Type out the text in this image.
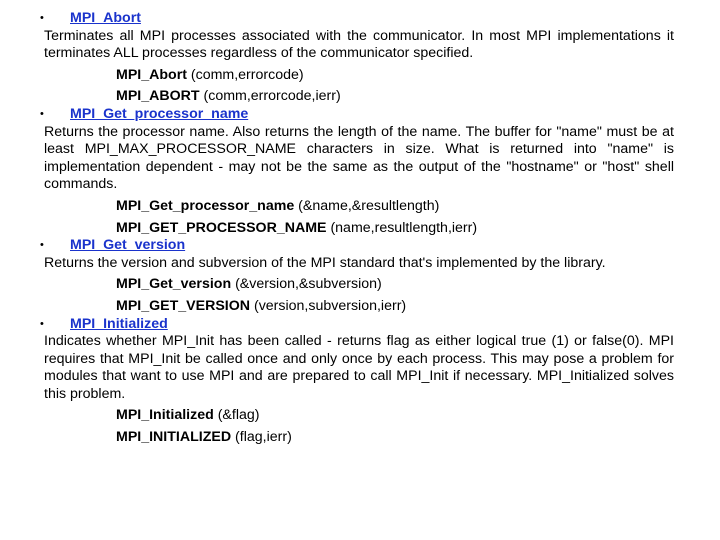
• MPI_Abort
Terminates all MPI processes associated with the communicator. In most MPI implementations it terminates ALL processes regardless of the communicator specified.
MPI_Abort (comm,errorcode)
MPI_ABORT (comm,errorcode,ierr)
• MPI_Get_processor_name
Returns the processor name. Also returns the length of the name. The buffer for "name" must be at least MPI_MAX_PROCESSOR_NAME characters in size. What is returned into "name" is implementation dependent - may not be the same as the output of the "hostname" or "host" shell commands.
MPI_Get_processor_name (&name,&resultlength)
MPI_GET_PROCESSOR_NAME (name,resultlength,ierr)
• MPI_Get_version
Returns the version and subversion of the MPI standard that's implemented by the library.
MPI_Get_version (&version,&subversion)
MPI_GET_VERSION (version,subversion,ierr)
• MPI_Initialized
Indicates whether MPI_Init has been called - returns flag as either logical true (1) or false(0). MPI requires that MPI_Init be called once and only once by each process. This may pose a problem for modules that want to use MPI and are prepared to call MPI_Init if necessary. MPI_Initialized solves this problem.
MPI_Initialized (&flag)
MPI_INITIALIZED (flag,ierr)
